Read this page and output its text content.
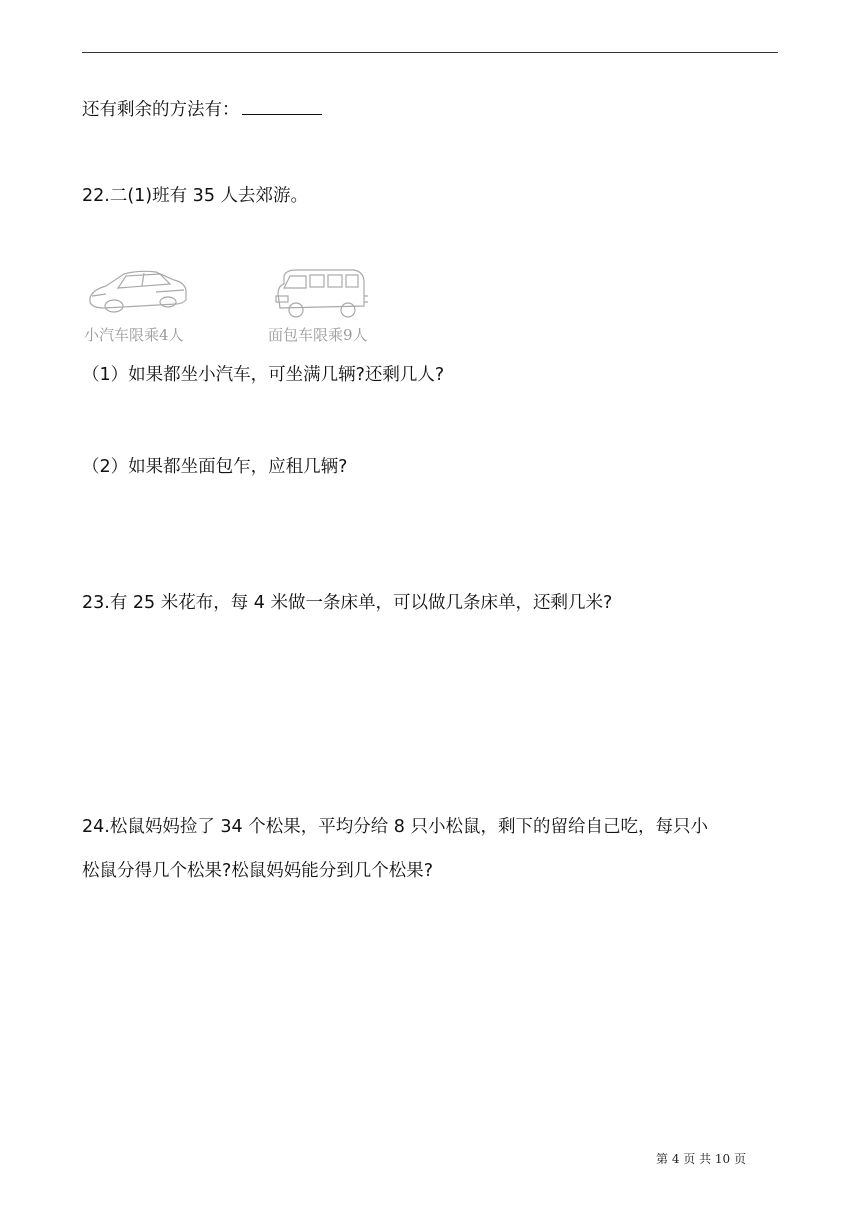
还有剩余的方法有：
22.二(1)班有 35 人去郊游。
小汽车限乘4人	面包车限乘9人
（1）如果都坐小汽车，可坐满几辆?还剩几人?
（2）如果都坐面包乍，应租几辆?
23.有 25 米花布，每 4 米做一条床单，可以做几条床单，还剩几米?
24.松鼠妈妈捡了 34 个松果，平均分给 8 只小松鼠，剩下的留给自己吃，每只小
松鼠分得几个松果?松鼠妈妈能分到几个松果?
第 4 页 共 10 页
